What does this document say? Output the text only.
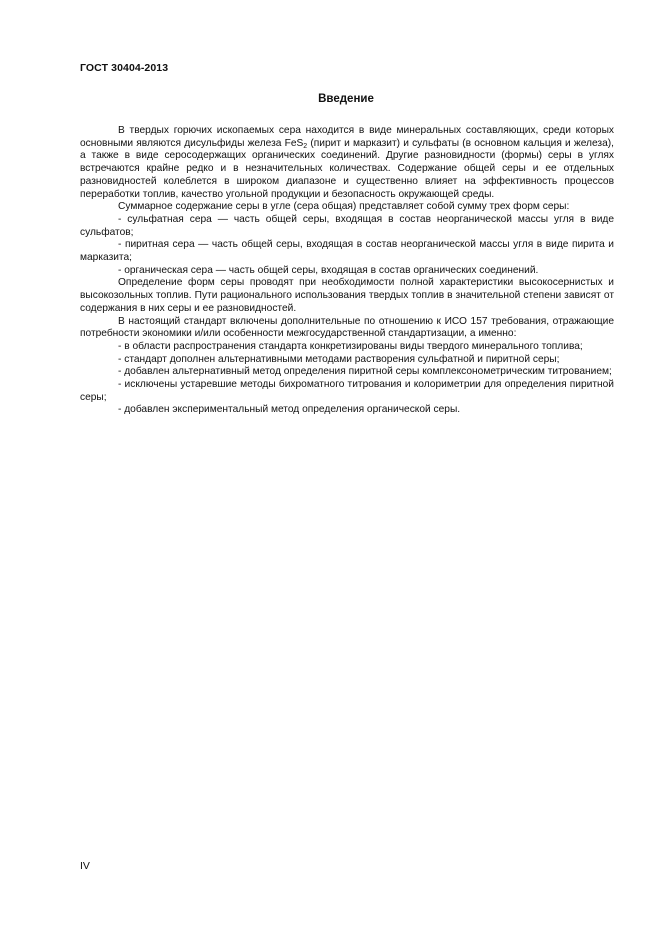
ГОСТ 30404-2013
Введение

В твердых горючих ископаемых сера находится в виде минеральных составляющих, среди которых основными являются дисульфиды железа FeS$_2$ (пирит и марказит) и сульфаты (в основном кальция и железа), а также в виде серосодержащих органических соединений. Другие разновидности (формы) серы в углях встречаются крайне редко и в незначительных количествах. Содержание общей серы и ее отдельных разновидностей колеблется в широком диапазоне и существенно влияет на эффективность процессов переработки топлив, качество угольной продукции и безопасность окружающей среды.

Суммарное содержание серы в угле (сера общая) представляет собой сумму трех форм серы:

- сульфатная сера — часть общей серы, входящая в состав неорганической массы угля в виде сульфатов;

- пиритная сера — часть общей серы, входящая в состав неорганической массы угля в виде пирита и марказита;

- органическая сера — часть общей серы, входящая в состав органических соединений.

Определение форм серы проводят при необходимости полной характеристики высокосернистых и высокозольных топлив. Пути рационального использования твердых топлив в значительной степени зависят от содержания в них серы и ее разновидностей.

В настоящий стандарт включены дополнительные по отношению к ИСО 157 требования, отражающие потребности экономики и/или особенности межгосударственной стандартизации, а именно:

- в области распространения стандарта конкретизированы виды твердого минерального топлива;

- стандарт дополнен альтернативными методами растворения сульфатной и пиритной серы;

- добавлен альтернативный метод определения пиритной серы комплексонометрическим титрованием;

- исключены устаревшие методы бихроматного титрования и колориметрии для определения пиритной серы;

- добавлен экспериментальный метод определения органической серы.

IV
